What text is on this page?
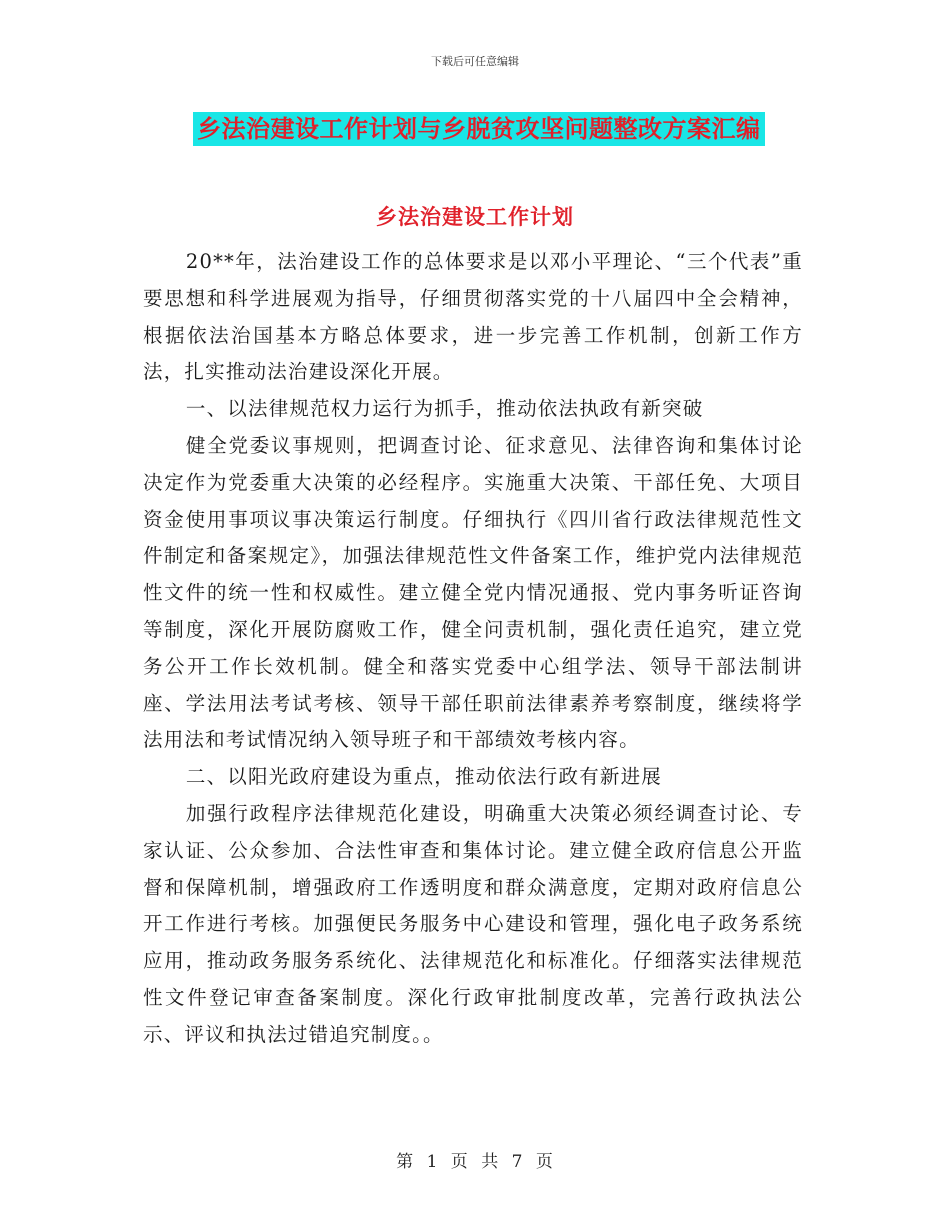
下载后可任意编辑
乡法治建设工作计划与乡脱贫攻坚问题整改方案汇编
乡法治建设工作计划

20**年，法治建设工作的总体要求是以邓小平理论、“三个代表”重要思想和科学进展观为指导，仔细贯彻落实党的十八届四中全会精神，根据依法治国基本方略总体要求，进一步完善工作机制，创新工作方法，扎实推动法治建设深化开展。

一、以法律规范权力运行为抓手，推动依法执政有新突破

健全党委议事规则，把调查讨论、征求意见、法律咨询和集体讨论决定作为党委重大决策的必经程序。实施重大决策、干部任免、大项目资金使用事项议事决策运行制度。仔细执行《四川省行政法律规范性文件制定和备案规定》，加强法律规范性文件备案工作，维护党内法律规范性文件的统一性和权威性。建立健全党内情况通报、党内事务听证咨询等制度，深化开展防腐败工作，健全问责机制，强化责任追究，建立党务公开工作长效机制。健全和落实党委中心组学法、领导干部法制讲座、学法用法考试考核、领导干部任职前法律素养考察制度，继续将学法用法和考试情况纳入领导班子和干部绩效考核内容。

二、以阳光政府建设为重点，推动依法行政有新进展

加强行政程序法律规范化建设，明确重大决策必须经调查讨论、专家认证、公众参加、合法性审查和集体讨论。建立健全政府信息公开监督和保障机制，增强政府工作透明度和群众满意度，定期对政府信息公开工作进行考核。加强便民务服务中心建设和管理，强化电子政务系统应用，推动政务服务系统化、法律规范化和标准化。仔细落实法律规范性文件登记审查备案制度。深化行政审批制度改革，完善行政执法公示、评议和执法过错追究制度。。

第 1 页 共 7 页
